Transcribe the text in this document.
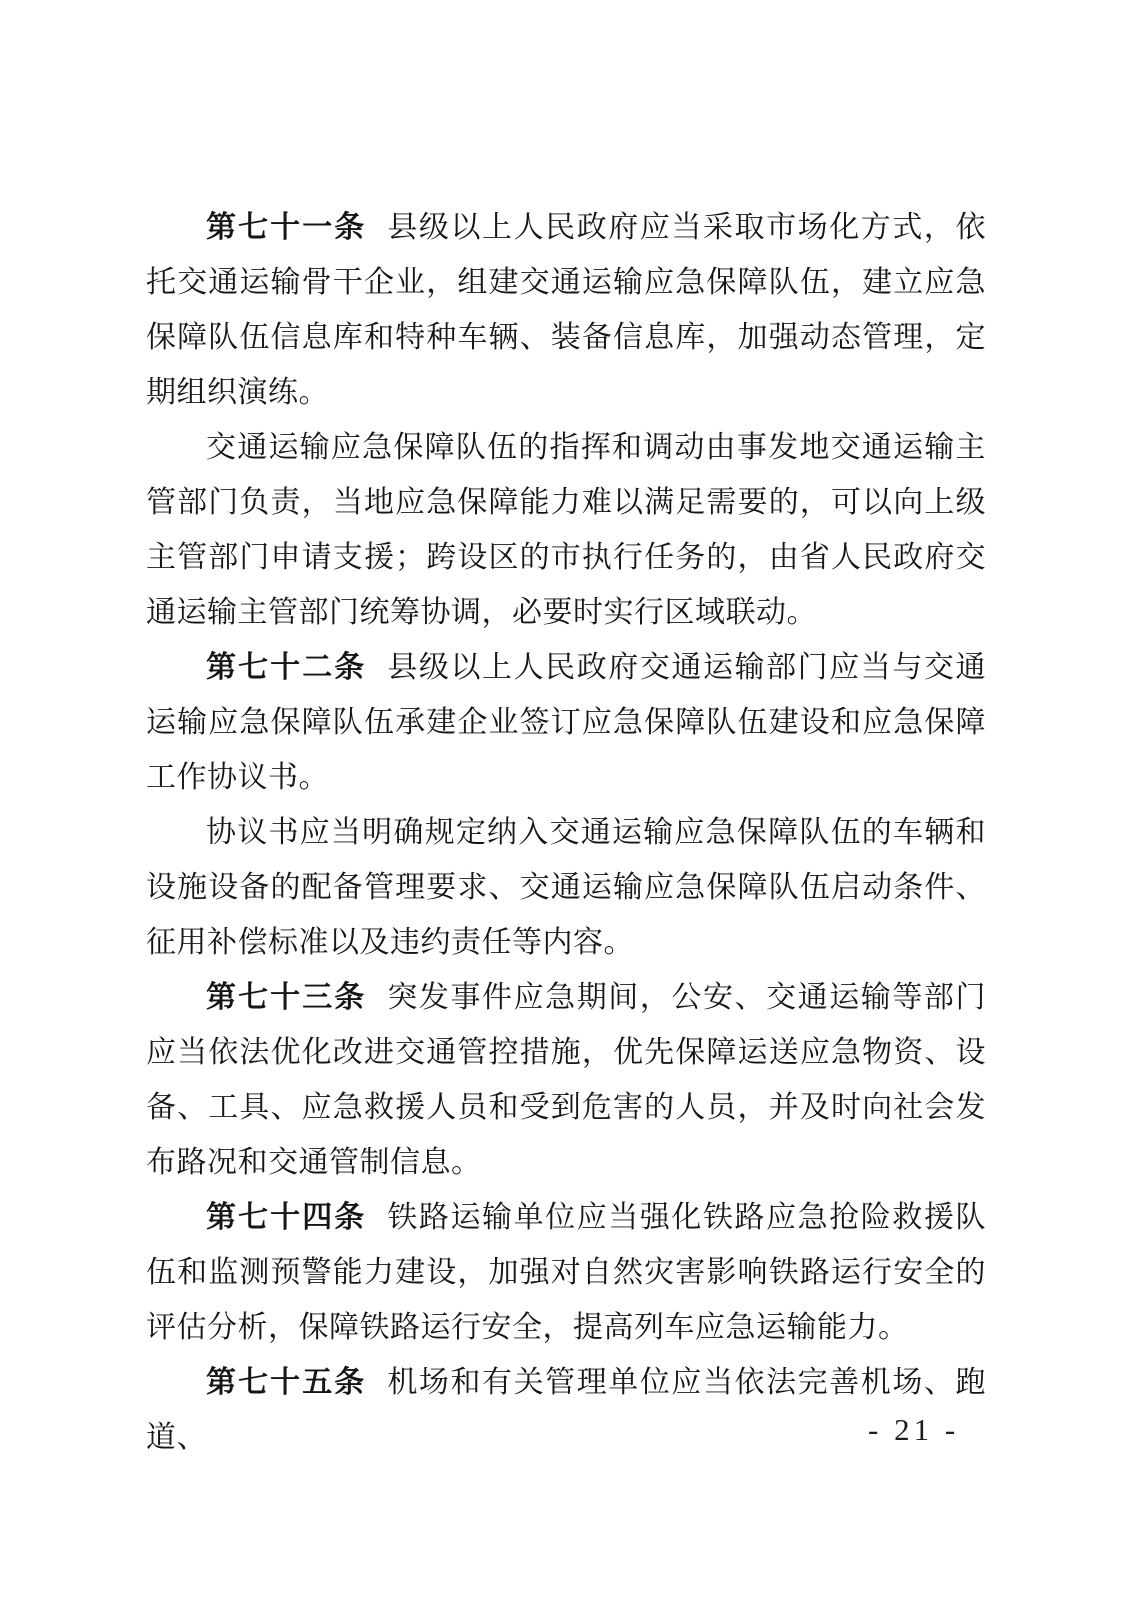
第七十一条 县级以上人民政府应当采取市场化方式，依托交通运输骨干企业，组建交通运输应急保障队伍，建立应急保障队伍信息库和特种车辆、装备信息库，加强动态管理，定期组织演练。

交通运输应急保障队伍的指挥和调动由事发地交通运输主管部门负责，当地应急保障能力难以满足需要的，可以向上级主管部门申请支援；跨设区的市执行任务的，由省人民政府交通运输主管部门统筹协调，必要时实行区域联动。

第七十二条 县级以上人民政府交通运输部门应当与交通运输应急保障队伍承建企业签订应急保障队伍建设和应急保障工作协议书。

协议书应当明确规定纳入交通运输应急保障队伍的车辆和设施设备的配备管理要求、交通运输应急保障队伍启动条件、征用补偿标准以及违约责任等内容。

第七十三条 突发事件应急期间，公安、交通运输等部门应当依法优化改进交通管控措施，优先保障运送应急物资、设备、工具、应急救援人员和受到危害的人员，并及时向社会发布路况和交通管制信息。

第七十四条 铁路运输单位应当强化铁路应急抢险救援队伍和监测预警能力建设，加强对自然灾害影响铁路运行安全的评估分析，保障铁路运行安全，提高列车应急运输能力。

第七十五条 机场和有关管理单位应当依法完善机场、跑道、	- 21 -
